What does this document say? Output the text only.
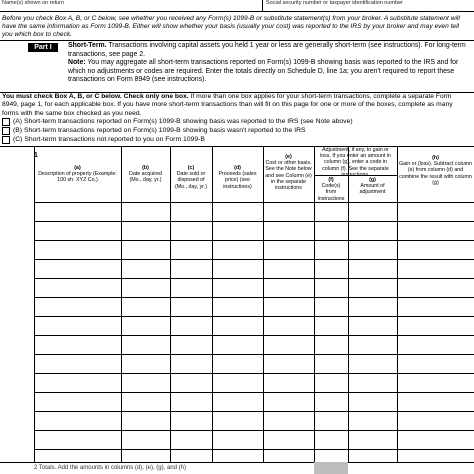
Name(s) shown on return	Social security number or taxpayer identification number
Before you check Box A, B, or C below, see whether you received any Form(s) 1099-B or substitute statement(s) from your broker. A substitute statement will have the same information as Form 1099-B. Either will show whether your basis (usually your cost) was reported to the IRS by your broker and may even tell you which box to check.
Part I	Short-Term. Transactions involving capital assets you held 1 year or less are generally short-term (see instructions). For long-term transactions, see page 2.
Note: You may aggregate all short-term transactions reported on Form(s) 1099-B showing basis was reported to the IRS and for which no adjustments or codes are required. Enter the totals directly on Schedule D, line 1a; you aren't required to report these transactions on Form 8949 (see instructions).
You must check Box A, B, or C below. Check only one box. If more than one box applies for your short-term transactions, complete a separate Form 8949, page 1, for each applicable box. If you have more short-term transactions than will fit on this page for one or more of the boxes, complete as many forms with the same box checked as you need.
(A) Short-term transactions reported on Form(s) 1099-B showing basis was reported to the IRS (see Note above)
(B) Short-term transactions reported on Form(s) 1099-B showing basis wasn't reported to the IRS
(C) Short-term transactions not reported to you on Form 1099-B
1
(a)
Description of property (Example: 100 sh. XYZ Co.)
(b)
Date acquired (Mo., day, yr.)
(c)
Date sold or disposed of (Mo., day, yr.)
(d)
Proceeds (sales price) (see instructions)
(e)
Cost or other basis. See the Note below and see Column (e) in the separate instructions
Adjustment, if any, to gain or loss. If you enter an amount in column (g), enter a code in column (f). See the separate instructions.
(f)
Code(s) from instructions
(g)
Amount of adjustment
(h)
Gain or (loss). Subtract column (e) from column (d) and combine the result with column (g)
2 Totals. Add the amounts in columns (d), (e), (g), and (h)
